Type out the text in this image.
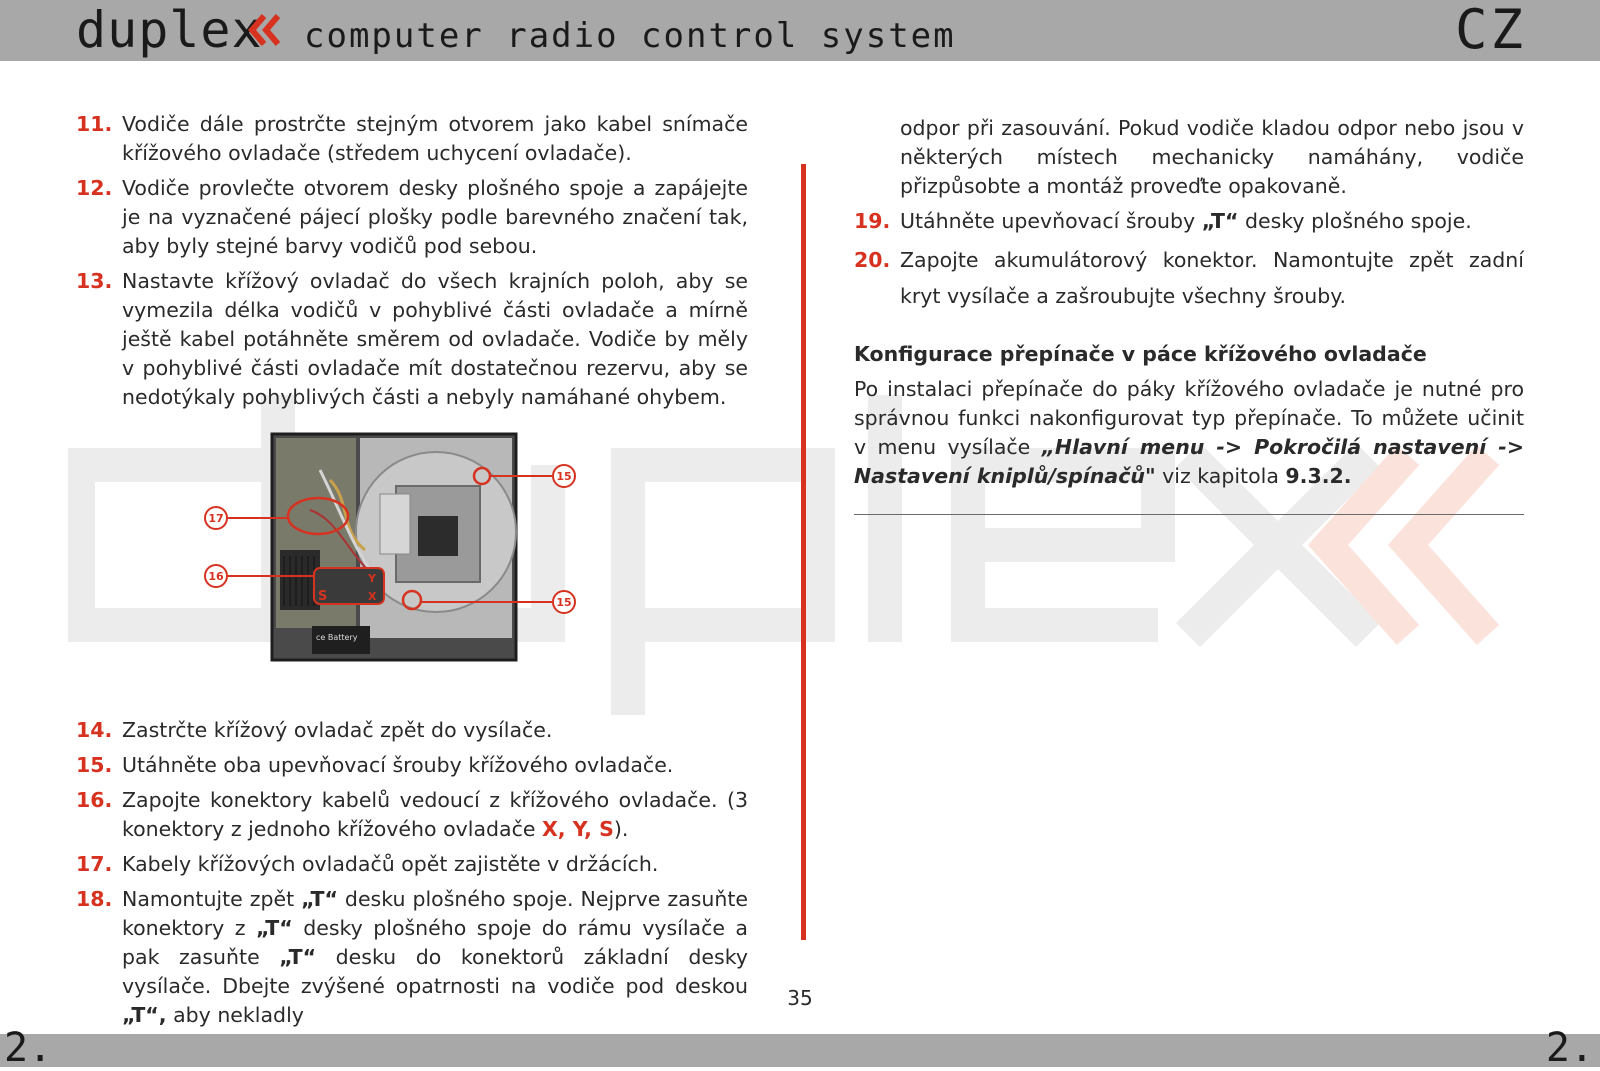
duplex computer radio control system	CZ
11. Vodiče dále prostrčte stejným otvorem jako kabel snímače křížového ovladače (středem uchycení ovladače).
12. Vodiče provlečte otvorem desky plošného spoje a zapájejte je na vyznačené pájecí plošky podle barevného značení tak, aby byly stejné barvy vodičů pod sebou.
13. Nastavte křížový ovladač do všech krajních poloh, aby se vymezila délka vodičů v pohyblivé části ovladače a mírně ještě kabel potáhněte směrem od ovladače. Vodiče by měly v pohyblivé části ovladače mít dostatečnou rezervu, aby se nedotýkaly pohyblivých části a nebyly namáhané ohybem.
14. Zastrčte křížový ovladač zpět do vysílače.
15. Utáhněte oba upevňovací šrouby křížového ovladače.
16. Zapojte konektory kabelů vedoucí z křížového ovladače. (3 konektory z jednoho křížového ovladače X, Y, S).
17. Kabely křížových ovladačů opět zajistěte v držácích.
18. Namontujte zpět „T“ desku plošného spoje. Nejprve zasuňte konektory z „T“ desky plošného spoje do rámu vysílače a pak zasuňte „T“ desku do konektorů základní desky vysílače. Dbejte zvýšené opatrnosti na vodiče pod deskou „T“, aby nekladly
S
Y
X
ce Battery
15
17
16
15
odpor při zasouvání. Pokud vodiče kladou odpor nebo jsou v některých místech mechanicky namáhány, vodiče přizpůsobte a montáž proveďte opakovaně.
19. Utáhněte upevňovací šrouby „T“ desky plošného spoje.
20. Zapojte akumulátorový konektor. Namontujte zpět zadní kryt vysílače a zašroubujte všechny šrouby.
Konfigurace přepínače v páce křížového ovladače

Po instalaci přepínače do páky křížového ovladače je nutné pro správnou funkci nakonfigurovat typ přepínače. To můžete učinit v menu vysílače „Hlavní menu -> Pokročilá nastavení -> Nastavení kniplů/spínačů" viz kapitola 9.3.2.

35
2.	2.
